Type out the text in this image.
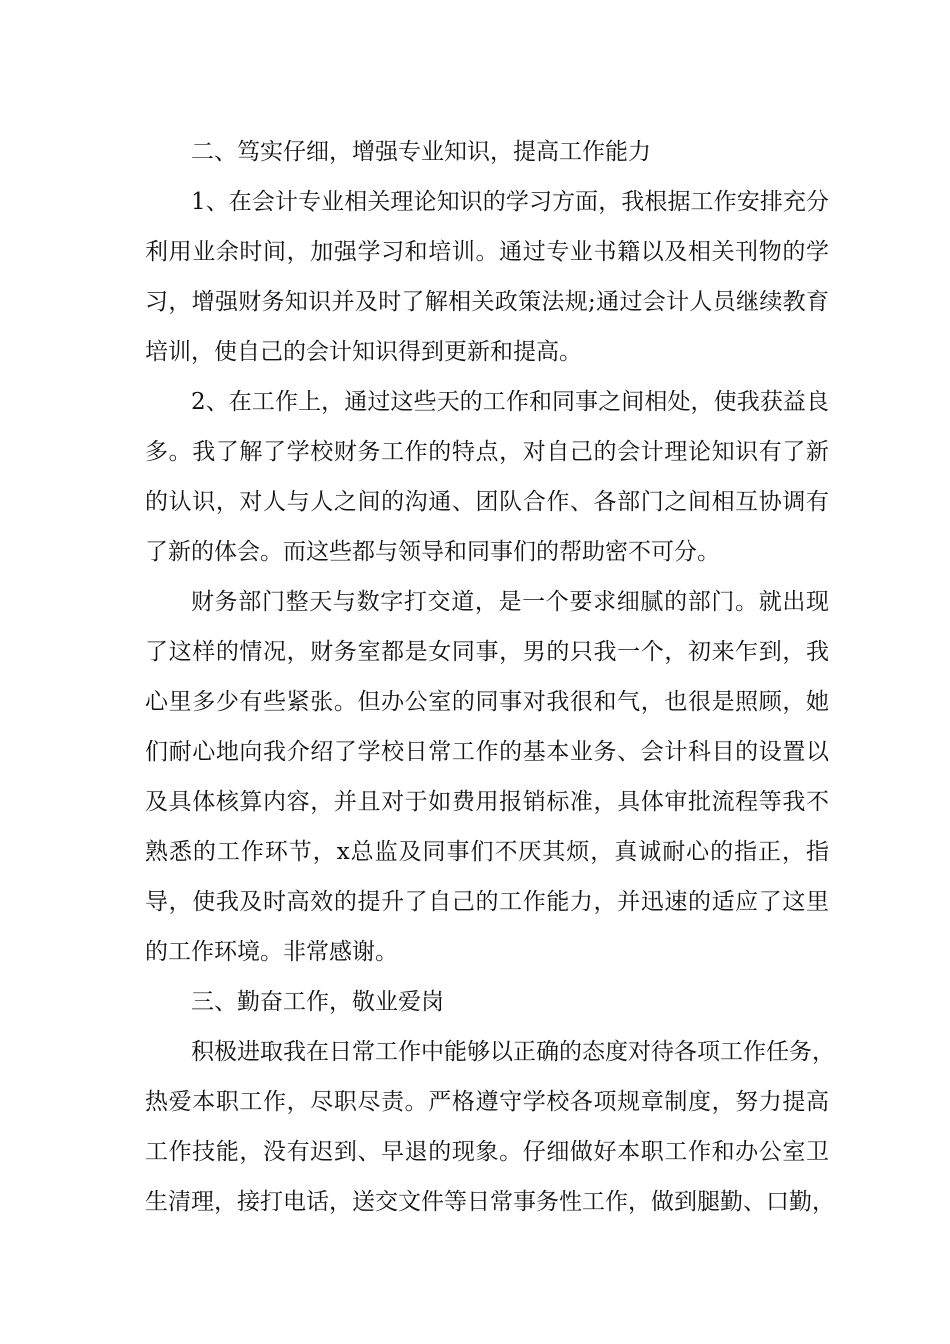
二、笃实仔细，增强专业知识，提高工作能力
1、在会计专业相关理论知识的学习方面，我根据工作安排充分
利用业余时间，加强学习和培训。通过专业书籍以及相关刊物的学
习，增强财务知识并及时了解相关政策法规;通过会计人员继续教育
培训，使自己的会计知识得到更新和提高。
2、在工作上，通过这些天的工作和同事之间相处，使我获益良
多。我了解了学校财务工作的特点，对自己的会计理论知识有了新
的认识，对人与人之间的沟通、团队合作、各部门之间相互协调有
了新的体会。而这些都与领导和同事们的帮助密不可分。
财务部门整天与数字打交道，是一个要求细腻的部门。就出现
了这样的情况，财务室都是女同事，男的只我一个，初来乍到，我
心里多少有些紧张。但办公室的同事对我很和气，也很是照顾，她
们耐心地向我介绍了学校日常工作的基本业务、会计科目的设置以
及具体核算内容，并且对于如费用报销标准，具体审批流程等我不
熟悉的工作环节，x总监及同事们不厌其烦，真诚耐心的指正，指
导，使我及时高效的提升了自己的工作能力，并迅速的适应了这里
的工作环境。非常感谢。
三、勤奋工作，敬业爱岗
积极进取我在日常工作中能够以正确的态度对待各项工作任务，
热爱本职工作，尽职尽责。严格遵守学校各项规章制度，努力提高
工作技能，没有迟到、早退的现象。仔细做好本职工作和办公室卫
生清理，接打电话，送交文件等日常事务性工作，做到腿勤、口勤，
